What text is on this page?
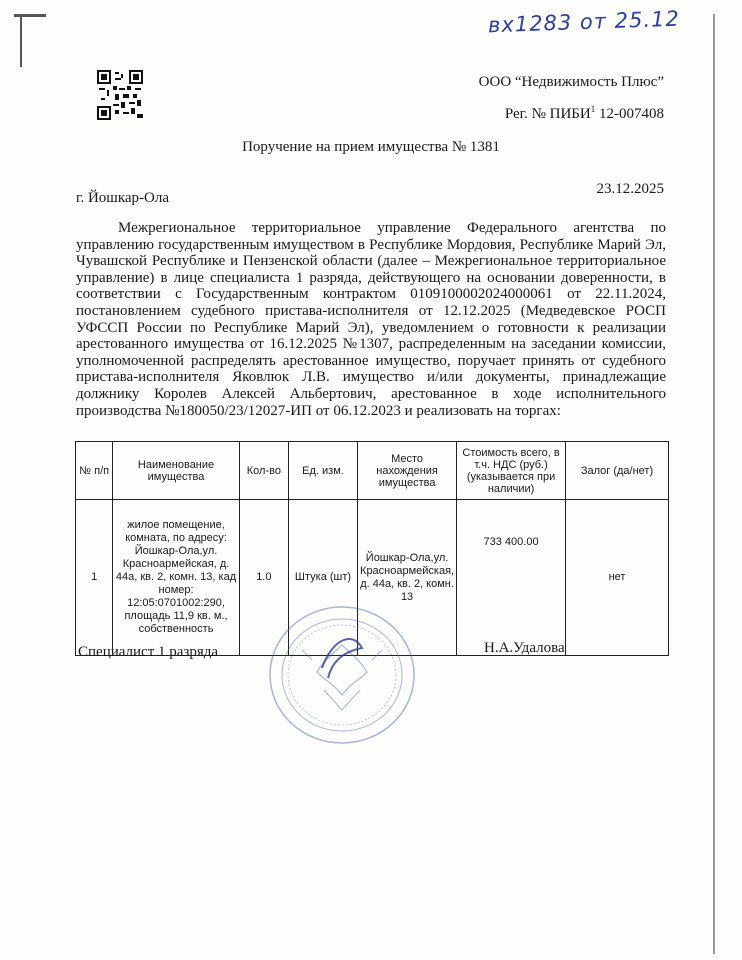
вх1283 от 25.12
ООО “Недвижимость Плюс”
Рег. № ПИБИ$^1$ 12-007408
Поручение на прием имущества № 1381
г. Йошкар-Ола
23.12.2025

Межрегиональное территориальное управление Федерального агентства по управлению государственным имуществом в Республике Мордовия, Республике Марий Эл, Чувашской Республике и Пензенской области (далее – Межрегиональное территориальное управление) в лице специалиста 1 разряда, действующего на основании доверенности, в соответствии с Государственным контрактом 0109100002024000061 от 22.11.2024, постановлением судебного пристава-исполнителя от 12.12.2025 (Медведевское РОСП УФССП России по Республике Марий Эл), уведомлением о готовности к реализации арестованного имущества от 16.12.2025 №1307, распределенным на заседании комиссии, уполномоченной распределять арестованное имущество, поручает принять от судебного пристава-исполнителя Яковлюк Л.В. имущество и/или документы, принадлежащие должнику Королев Алексей Альбертович, арестованное в ходе исполнительного производства №180050/23/12027-ИП от 06.12.2023 и реализовать на торгах:

№ п/п	Наименование имущества	Кол-во	Ед. изм.	Место нахождения имущества	Стоимость всего, в т.ч. НДС (руб.) (указывается при наличии)	Залог (да/нет)
1	жилое помещение, комната, по адресу: Йошкар-Ола,ул. Красноармейская, д. 44а, кв. 2, комн. 13, кад номер: 12:05:0701002:290, площадь 11,9 кв. м., собственность	1.0	Штука (шт)	Йошкар-Ола,ул. Красноармейская, д. 44а, кв. 2, комн. 13	733 400.00	нет
Специалист 1 разряда	Н.А.Удалова
